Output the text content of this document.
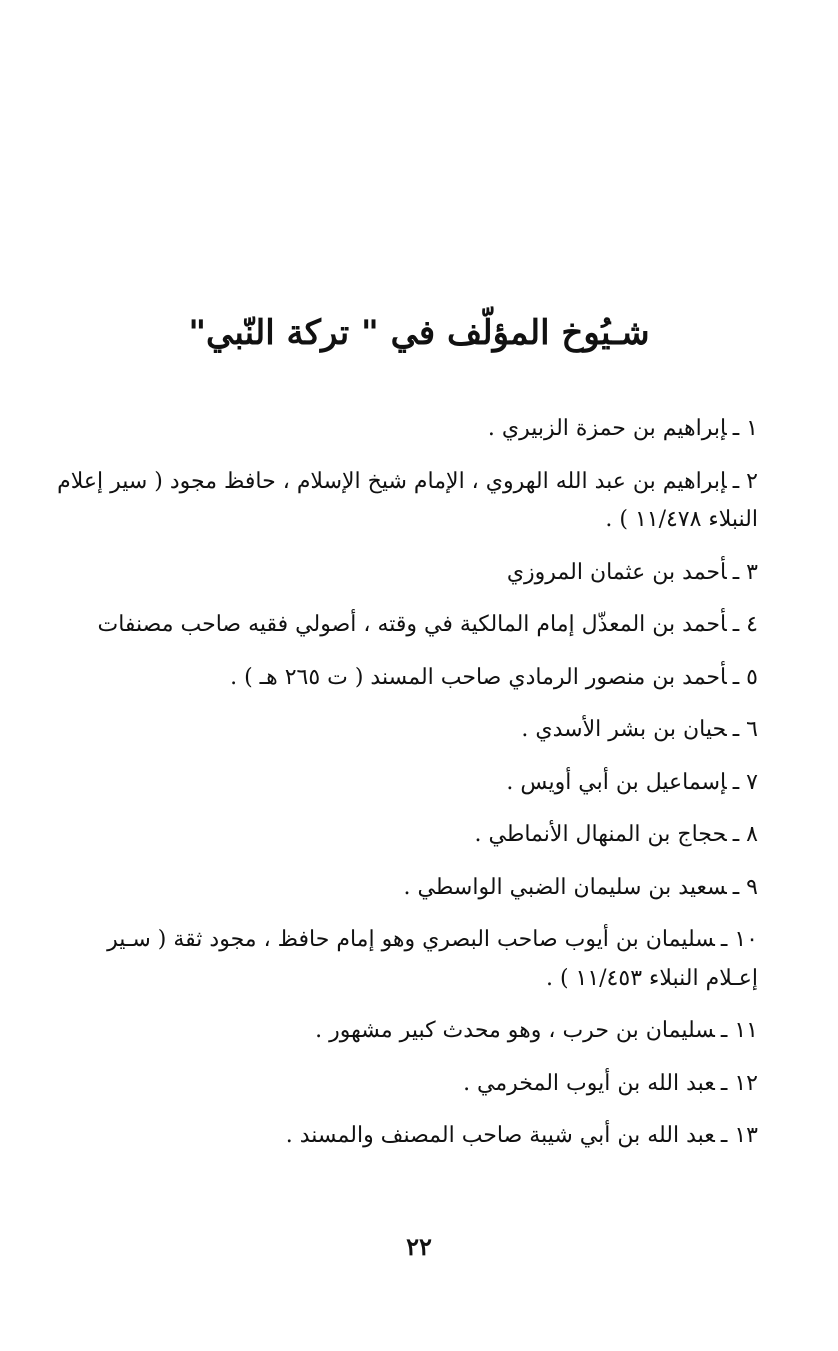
شـيُوخ المؤلّف في " تركة النّبي"
١ ـإبراهيم بن حمزة الزبيري .
٢ ـإبراهيم بن عبد الله الهروي ، الإمام شيخ الإسلام ، حافظ مجود ( سير إعلام النبلاء ١١/٤٧٨ ) .
٣ ـأحمد بن عثمان المروزي
٤ ـأحمد بن المعذّل إمام المالكية في وقته ، أصولي فقيه صاحب مصنفات
٥ ـأحمد بن منصور الرمادي صاحب المسند ( ت ٢٦٥ هـ ) .
٦ ـحيان بن بشر الأسدي .
٧ ـإسماعيل بن أبي أويس .
٨ ـحجاج بن المنهال الأنماطي .
٩ ـسعيد بن سليمان الضبي الواسطي .
١٠ ـسليمان بن أيوب صاحب البصري وهو إمام حافظ ، مجود ثقة ( سـير إعـلام النبلاء ١١/٤٥٣ ) .
١١ ـسليمان بن حرب ، وهو محدث كبير مشهور .
١٢ ـعبد الله بن أيوب المخرمي .
١٣ ـعبد الله بن أبي شيبة صاحب المصنف والمسند .
٢٢
